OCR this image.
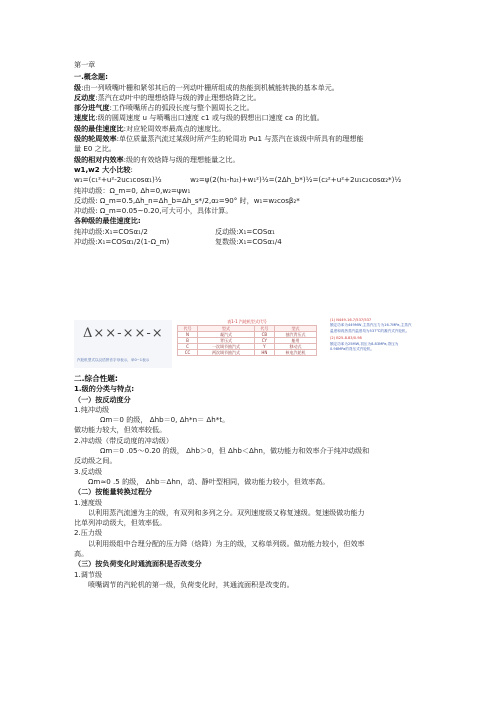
第一章

一.概念题:

级:由一列喷嘴叶栅和紧邻其后的一列动叶栅所组成的热能到机械能转换的基本单元。

反动度:蒸汽在动叶中的理想焓降与级的滞止理想焓降之比。

部分进气度:工作喷嘴所占的弧段长度与整个圆周长之比。

速度比:级的圆周速度 u 与喷嘴出口速度 c1 或与级的假想出口速度 ca 的比值。

级的最佳速度比:对应轮周效率最高点的速度比。

级的轮周效率:单位质量蒸汽流过某级时所产生的轮周功 Pu1 与蒸汽在该级中所具有的理想能

量 E0 之比。

级的相对内效率:级的有效焓降与级的理想能量之比。

w1,w2 大小比较:

w₁=(c₁²+u²-2uc₁cosα₁)½	w₂=ψ(2(h₁-h₂ₜ)+w₁²)½=(2Δh_b*)½=(c₂²+u²+2u₁c₂cosα₂*)½

纯冲动级：Ω_m=0, Δh=0,w₂=ψw₁

反动级: Ω_m=0.5,Δh_n=Δh_b=Δh_s*/2,α₂=90° 时，w₁=w₂cosβ₂*

冲动级: Ω_m=0.05~0.20,可大可小，具体计算。

各种级的最佳速度比:

纯冲动级:X₁=COSα₁/2	反动级:X₁=COSα₁

冲动级:X₁=COSα₁/2(1-Ω_m)	复数级:X₁=COSα₁/4

Δ××-××-×
汽轮机型式以汉语拼音字母表示，举0~1表示
表1-1 汽轮机型式代号
代号	型式	代号	型式
N	凝汽式	CB	抽汽背压式
B	背压式	CY	船用
C	一次调节抽汽式	Y	移动式
CC	两次调节抽汽式	HN	核电汽轮机

(1) N449-16.7/537/537

额定功率为449MW,主蒸汽压力为16.7MPa,主蒸汽

温度和再热蒸汽温度均为537℃的凝汽式汽轮机。

(2) B25-8.83/0.98

额定功率为25MW,初压为8.83MPa,背压为

0.98MPa的背压式汽轮机。

二.综合性题:

1.级的分类与特点:

（一）按反动度分

1.纯冲动级

Ωm＝0 的级， Δhb＝0, Δh*n＝ Δh*t。

做功能力较大，但效率较低。

2.冲动级（带反动度的冲动级）

Ωm＝0 .05～0.20 的级， Δhb＞0，但 Δhb＜Δhn，做功能力和效率介于纯冲动级和

反动级之间。

3.反动级

Ωm≈0 .5 的级， Δhb＝Δhn，动、静叶型相同，做功能力较小，但效率高。

（二）按能量转换过程分

1.速度级

以利用蒸汽流速为主的级，有双列和多列之分。双列速度级又称复速级。复速级做功能力

比单列冲动级大，但效率低。

2.压力级

以利用级组中合理分配的压力降（焓降）为主的级，又称单列级。做功能力较小，但效率

高。

（三）按负荷变化时通流面积是否改变分

1.调节级

喷嘴调节的汽轮机的第一级，负荷变化时，其通流面积是改变的。
